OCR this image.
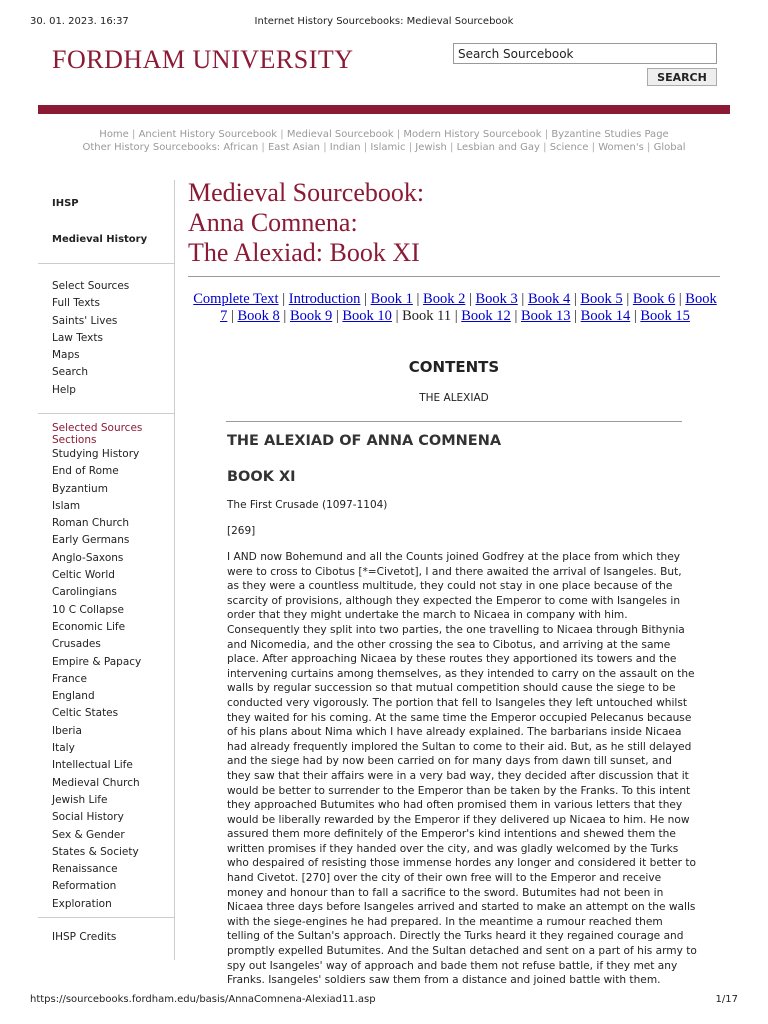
30. 01. 2023. 16:37	Internet History Sourcebooks: Medieval Sourcebook
FORDHAM UNIVERSITY
Search Sourcebook
SEARCH
Home | Ancient History Sourcebook | Medieval Sourcebook | Modern History Sourcebook | Byzantine Studies Page
Other History Sourcebooks: African | East Asian | Indian | Islamic | Jewish | Lesbian and Gay | Science | Women's | Global
IHSP
Medieval History
Select Sources
Full Texts
Saints' Lives
Law Texts
Maps
Search
Help
Selected Sources Sections
Studying History
End of Rome
Byzantium
Islam
Roman Church
Early Germans
Anglo-Saxons
Celtic World
Carolingians
10 C Collapse
Economic Life
Crusades
Empire & Papacy
France
England
Celtic States
Iberia
Italy
Intellectual Life
Medieval Church
Jewish Life
Social History
Sex & Gender
States & Society
Renaissance
Reformation
Exploration
IHSP Credits
Medieval Sourcebook:
Anna Comnena:
The Alexiad: Book XI
Complete Text | Introduction | Book 1 | Book 2 | Book 3 | Book 4 | Book 5 | Book 6 | Book 7 | Book 8 | Book 9 | Book 10 | Book 11 | Book 12 | Book 13 | Book 14 | Book 15
CONTENTS
THE ALEXIAD
THE ALEXIAD OF ANNA COMNENA
BOOK XI
The First Crusade (1097-1104)
[269]
I AND now Bohemund and all the Counts joined Godfrey at the place from which they
were to cross to Cibotus [*=Civetot], I and there awaited the arrival of Isangeles. But,
as they were a countless multitude, they could not stay in one place because of the
scarcity of provisions, although they expected the Emperor to come with Isangeles in
order that they might undertake the march to Nicaea in company with him.
Consequently they split into two parties, the one travelling to Nicaea through Bithynia
and Nicomedia, and the other crossing the sea to Cibotus, and arriving at the same
place. After approaching Nicaea by these routes they apportioned its towers and the
intervening curtains among themselves, as they intended to carry on the assault on the
walls by regular succession so that mutual competition should cause the siege to be
conducted very vigorously. The portion that fell to Isangeles they left untouched whilst
they waited for his coming. At the same time the Emperor occupied Pelecanus because
of his plans about Nima which I have already explained. The barbarians inside Nicaea
had already frequently implored the Sultan to come to their aid. But, as he still delayed
and the siege had by now been carried on for many days from dawn till sunset, and
they saw that their affairs were in a very bad way, they decided after discussion that it
would be better to surrender to the Emperor than be taken by the Franks. To this intent
they approached Butumites who had often promised them in various letters that they
would be liberally rewarded by the Emperor if they delivered up Nicaea to him. He now
assured them more definitely of the Emperor's kind intentions and shewed them the
written promises if they handed over the city, and was gladly welcomed by the Turks
who despaired of resisting those immense hordes any longer and considered it better to
hand Civetot. [270] over the city of their own free will to the Emperor and receive
money and honour than to fall a sacrifice to the sword. Butumites had not been in
Nicaea three days before Isangeles arrived and started to make an attempt on the walls
with the siege-engines he had prepared. In the meantime a rumour reached them
telling of the Sultan's approach. Directly the Turks heard it they regained courage and
promptly expelled Butumites. And the Sultan detached and sent on a part of his army to
spy out Isangeles' way of approach and bade them not refuse battle, if they met any
Franks. Isangeles' soldiers saw them from a distance and joined battle with them.
https://sourcebooks.fordham.edu/basis/AnnaComnena-Alexiad11.asp	1/17
